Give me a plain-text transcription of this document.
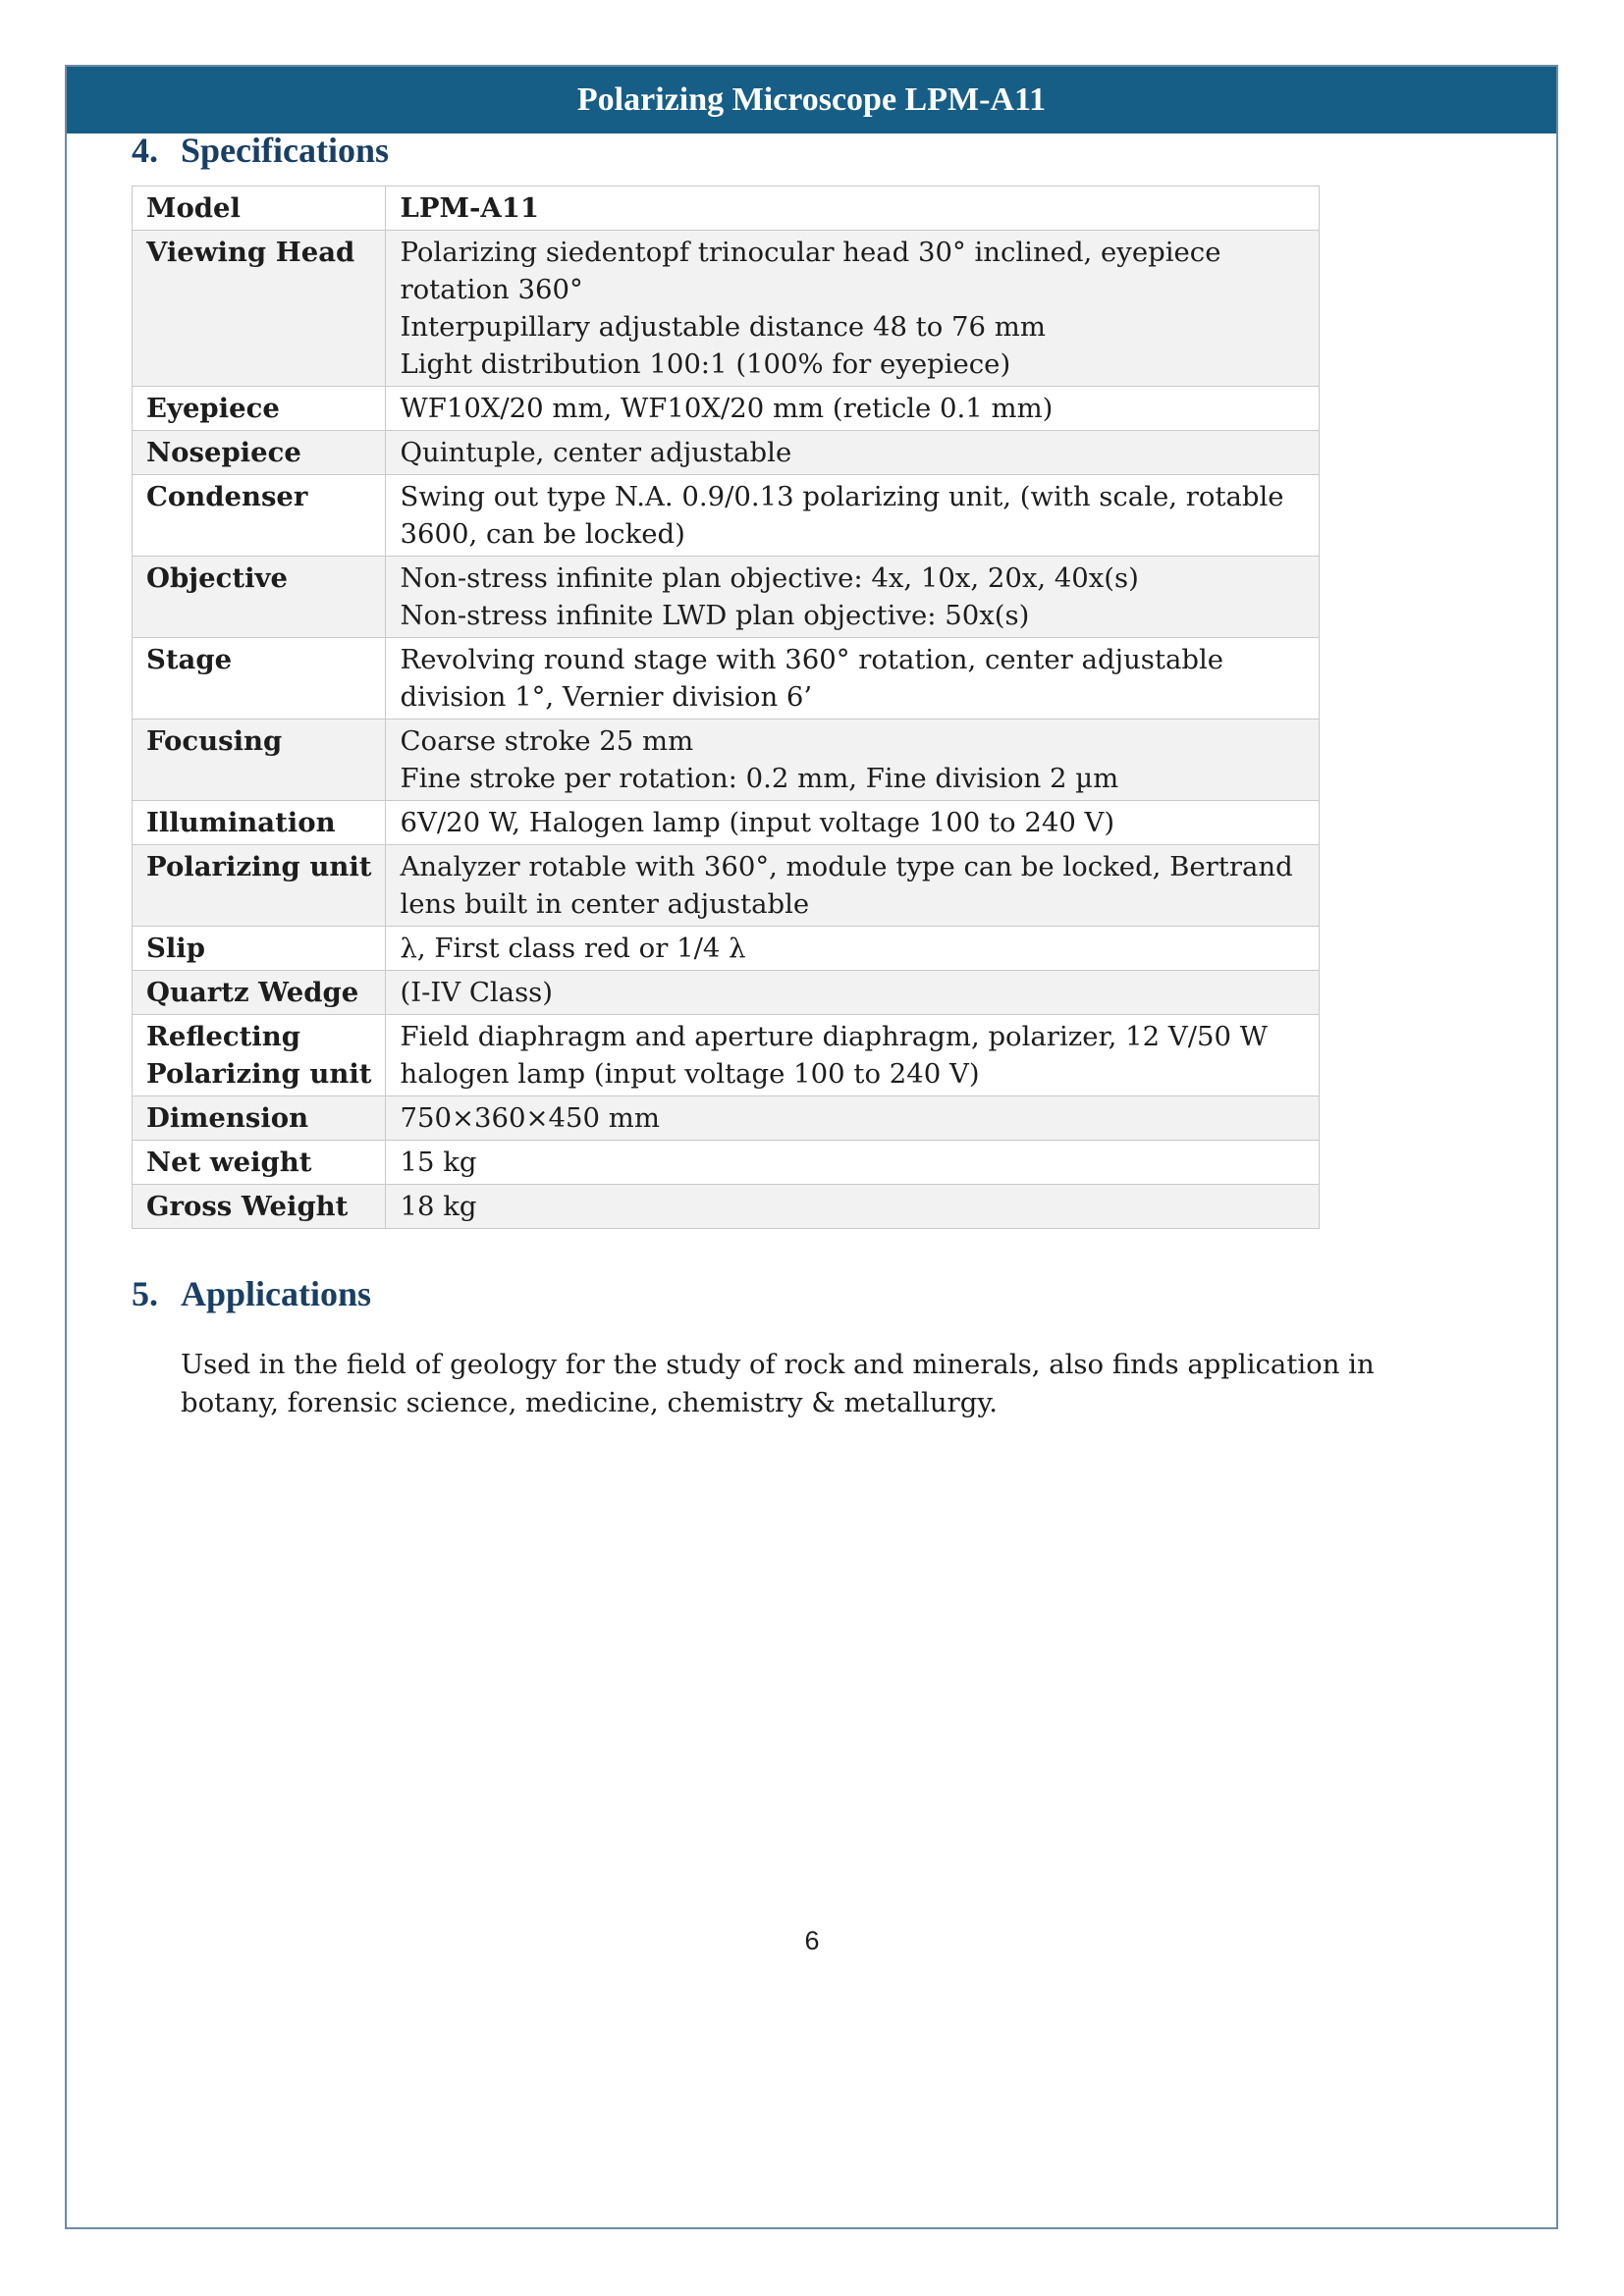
Polarizing Microscope LPM-A11
4. Specifications
Model	LPM-A11

Viewing Head	Polarizing siedentopf trinocular head 30° inclined, eyepiece
rotation 360°
Interpupillary adjustable distance 48 to 76 mm
Light distribution 100:1 (100% for eyepiece)

Eyepiece	WF10X/20 mm, WF10X/20 mm (reticle 0.1 mm)

Nosepiece	Quintuple, center adjustable

Condenser	Swing out type N.A. 0.9/0.13 polarizing unit, (with scale, rotable
3600, can be locked)

Objective	Non-stress infinite plan objective: 4x, 10x, 20x, 40x(s)
Non-stress infinite LWD plan objective: 50x(s)

Stage	Revolving round stage with 360° rotation, center adjustable
division 1°, Vernier division 6’

Focusing	Coarse stroke 25 mm
Fine stroke per rotation: 0.2 mm, Fine division 2 µm

Illumination	6V/20 W, Halogen lamp (input voltage 100 to 240 V)

Polarizing unit	Analyzer rotable with 360°, module type can be locked, Bertrand
lens built in center adjustable

Slip	λ, First class red or 1/4 λ

Quartz Wedge	(I-IV Class)

Reflecting
Polarizing unit	Field diaphragm and aperture diaphragm, polarizer, 12 V/50 W
halogen lamp (input voltage 100 to 240 V)

Dimension	750×360×450 mm

Net weight	15 kg

Gross Weight	18 kg
5. Applications
Used in the field of geology for the study of rock and minerals, also finds application in botany, forensic science, medicine, chemistry & metallurgy.
6
